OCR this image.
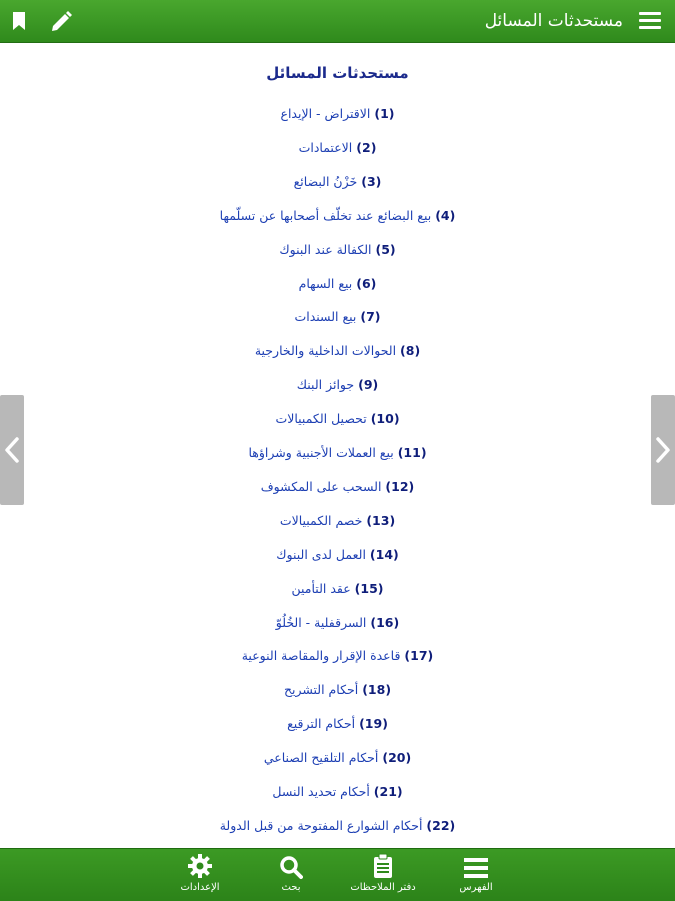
مستحدثات المسائل
مستحدثات المسائل
(1) الاقتراض - الإيداع
(2) الاعتمادات
(3) خَزْنُ البضائع
(4) بيع البضائع عند تخلّف أصحابها عن تسلّمها
(5) الكفالة عند البنوك
(6) بيع السهام
(7) بيع السندات
(8) الحوالات الداخلية والخارجية
(9) جوائز البنك
(10) تحصيل الكمبيالات
(11) بيع العملات الأجنبية وشراؤها
(12) السحب على المكشوف
(13) خصم الكمبيالات
(14) العمل لدى البنوك
(15) عقد التأمين
(16) السرقفلية - الخُلُوّ
(17) قاعدة الإقرار والمقاصة النوعية
(18) أحكام التشريح
(19) أحكام الترقيع
(20) أحكام التلقيح الصناعي
(21) أحكام تحديد النسل
(22) أحكام الشوارع المفتوحة من قبل الدولة
الفهرس
دفتر الملاحظات
بحث
الإعدادات
